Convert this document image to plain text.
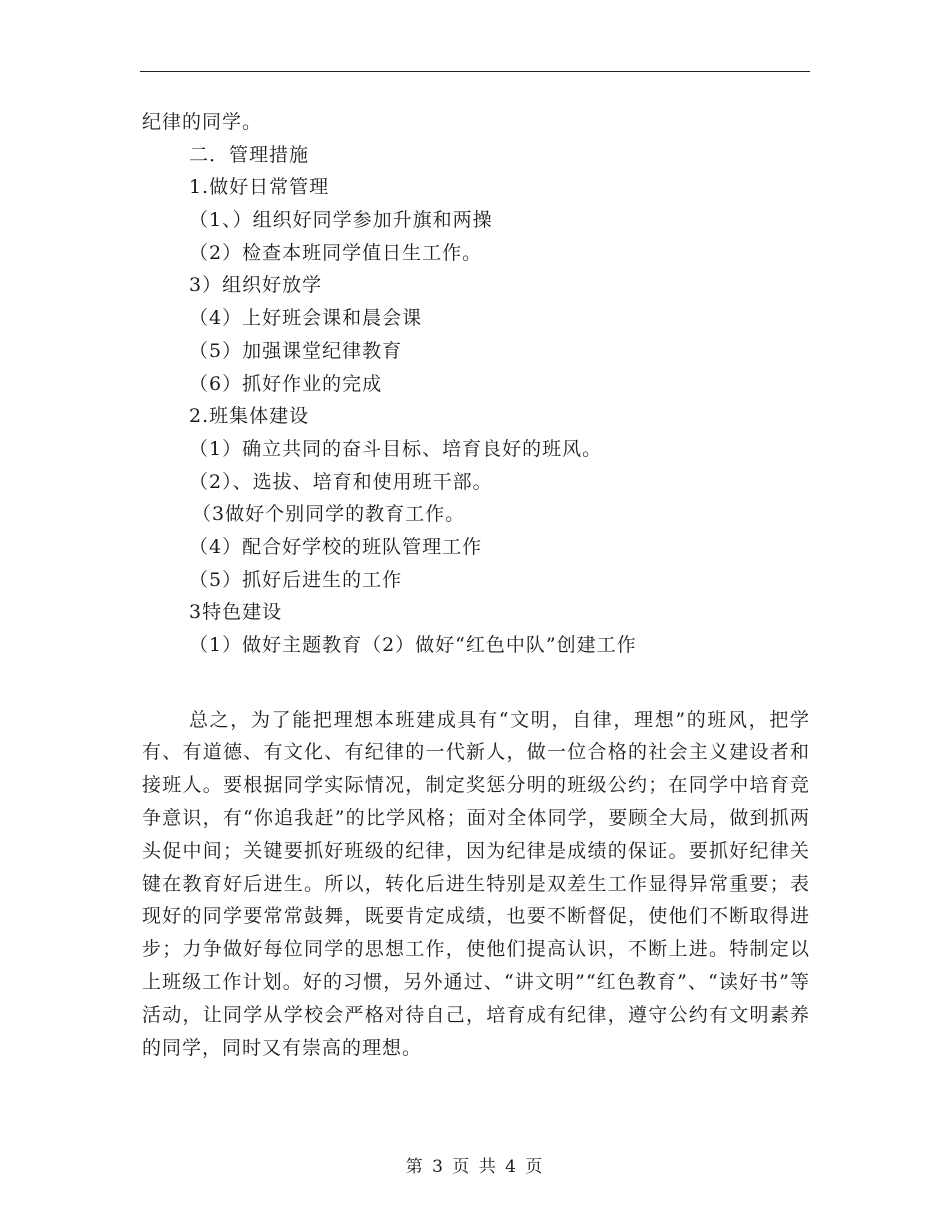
纪律的同学。
二．管理措施
1.做好日常管理
（1、）组织好同学参加升旗和两操
（2）检查本班同学值日生工作。
3）组织好放学
（4）上好班会课和晨会课
（5）加强课堂纪律教育
（6）抓好作业的完成
2.班集体建设
（1）确立共同的奋斗目标、培育良好的班风。
（2）、选拔、培育和使用班干部。
（3做好个别同学的教育工作。
（4）配合好学校的班队管理工作
（5）抓好后进生的工作
3特色建设
（1）做好主题教育（2）做好“红色中队”创建工作

总之，为了能把理想本班建成具有“文明，自律，理想”的班风，把学有、有道德、有文化、有纪律的一代新人，做一位合格的社会主义建设者和接班人。要根据同学实际情况，制定奖惩分明的班级公约；在同学中培育竞争意识，有“你追我赶”的比学风格；面对全体同学，要顾全大局，做到抓两头促中间；关键要抓好班级的纪律，因为纪律是成绩的保证。要抓好纪律关键在教育好后进生。所以，转化后进生特别是双差生工作显得异常重要；表现好的同学要常常鼓舞，既要肯定成绩，也要不断督促，使他们不断取得进步；力争做好每位同学的思想工作，使他们提高认识，不断上进。特制定以上班级工作计划。好的习惯，另外通过、“讲文明”“红色教育”、“读好书”等活动，让同学从学校会严格对待自己，培育成有纪律，遵守公约有文明素养的同学，同时又有崇高的理想。

第 3 页 共 4 页
